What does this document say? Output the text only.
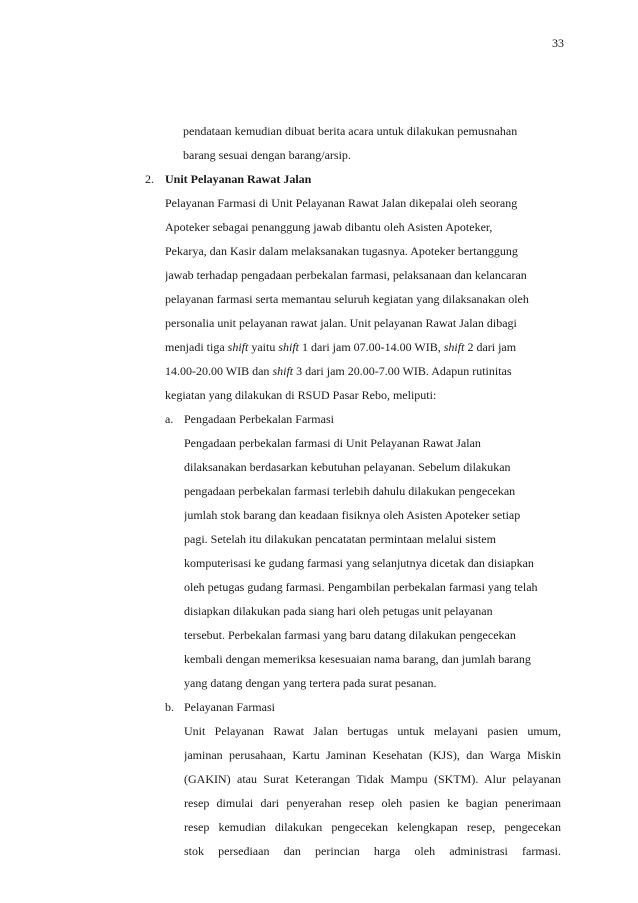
33
pendataan kemudian dibuat berita acara untuk dilakukan pemusnahan
barang sesuai dengan barang/arsip.
2. Unit Pelayanan Rawat Jalan
Pelayanan Farmasi di Unit Pelayanan Rawat Jalan dikepalai oleh seorang
Apoteker sebagai penanggung jawab dibantu oleh Asisten Apoteker,
Pekarya, dan Kasir dalam melaksanakan tugasnya. Apoteker bertanggung
jawab terhadap pengadaan perbekalan farmasi, pelaksanaan dan kelancaran
pelayanan farmasi serta memantau seluruh kegiatan yang dilaksanakan oleh
personalia unit pelayanan rawat jalan. Unit pelayanan Rawat Jalan dibagi
menjadi tiga shift yaitu shift 1 dari jam 07.00-14.00 WIB, shift 2 dari jam
14.00-20.00 WIB dan shift 3 dari jam 20.00-7.00 WIB. Adapun rutinitas
kegiatan yang dilakukan di RSUD Pasar Rebo, meliputi:
a. Pengadaan Perbekalan Farmasi
Pengadaan perbekalan farmasi di Unit Pelayanan Rawat Jalan
dilaksanakan berdasarkan kebutuhan pelayanan. Sebelum dilakukan
pengadaan perbekalan farmasi terlebih dahulu dilakukan pengecekan
jumlah stok barang dan keadaan fisiknya oleh Asisten Apoteker setiap
pagi. Setelah itu dilakukan pencatatan permintaan melalui sistem
komputerisasi ke gudang farmasi yang selanjutnya dicetak dan disiapkan
oleh petugas gudang farmasi. Pengambilan perbekalan farmasi yang telah
disiapkan dilakukan pada siang hari oleh petugas unit pelayanan
tersebut. Perbekalan farmasi yang baru datang dilakukan pengecekan
kembali dengan memeriksa kesesuaian nama barang, dan jumlah barang
yang datang dengan yang tertera pada surat pesanan.
b. Pelayanan Farmasi
Unit Pelayanan Rawat Jalan bertugas untuk melayani pasien umum,
jaminan perusahaan, Kartu Jaminan Kesehatan (KJS), dan Warga Miskin
(GAKIN) atau Surat Keterangan Tidak Mampu (SKTM). Alur pelayanan
resep dimulai dari penyerahan resep oleh pasien ke bagian penerimaan
resep kemudian dilakukan pengecekan kelengkapan resep, pengecekan
stok persediaan dan perincian harga oleh administrasi farmasi.
